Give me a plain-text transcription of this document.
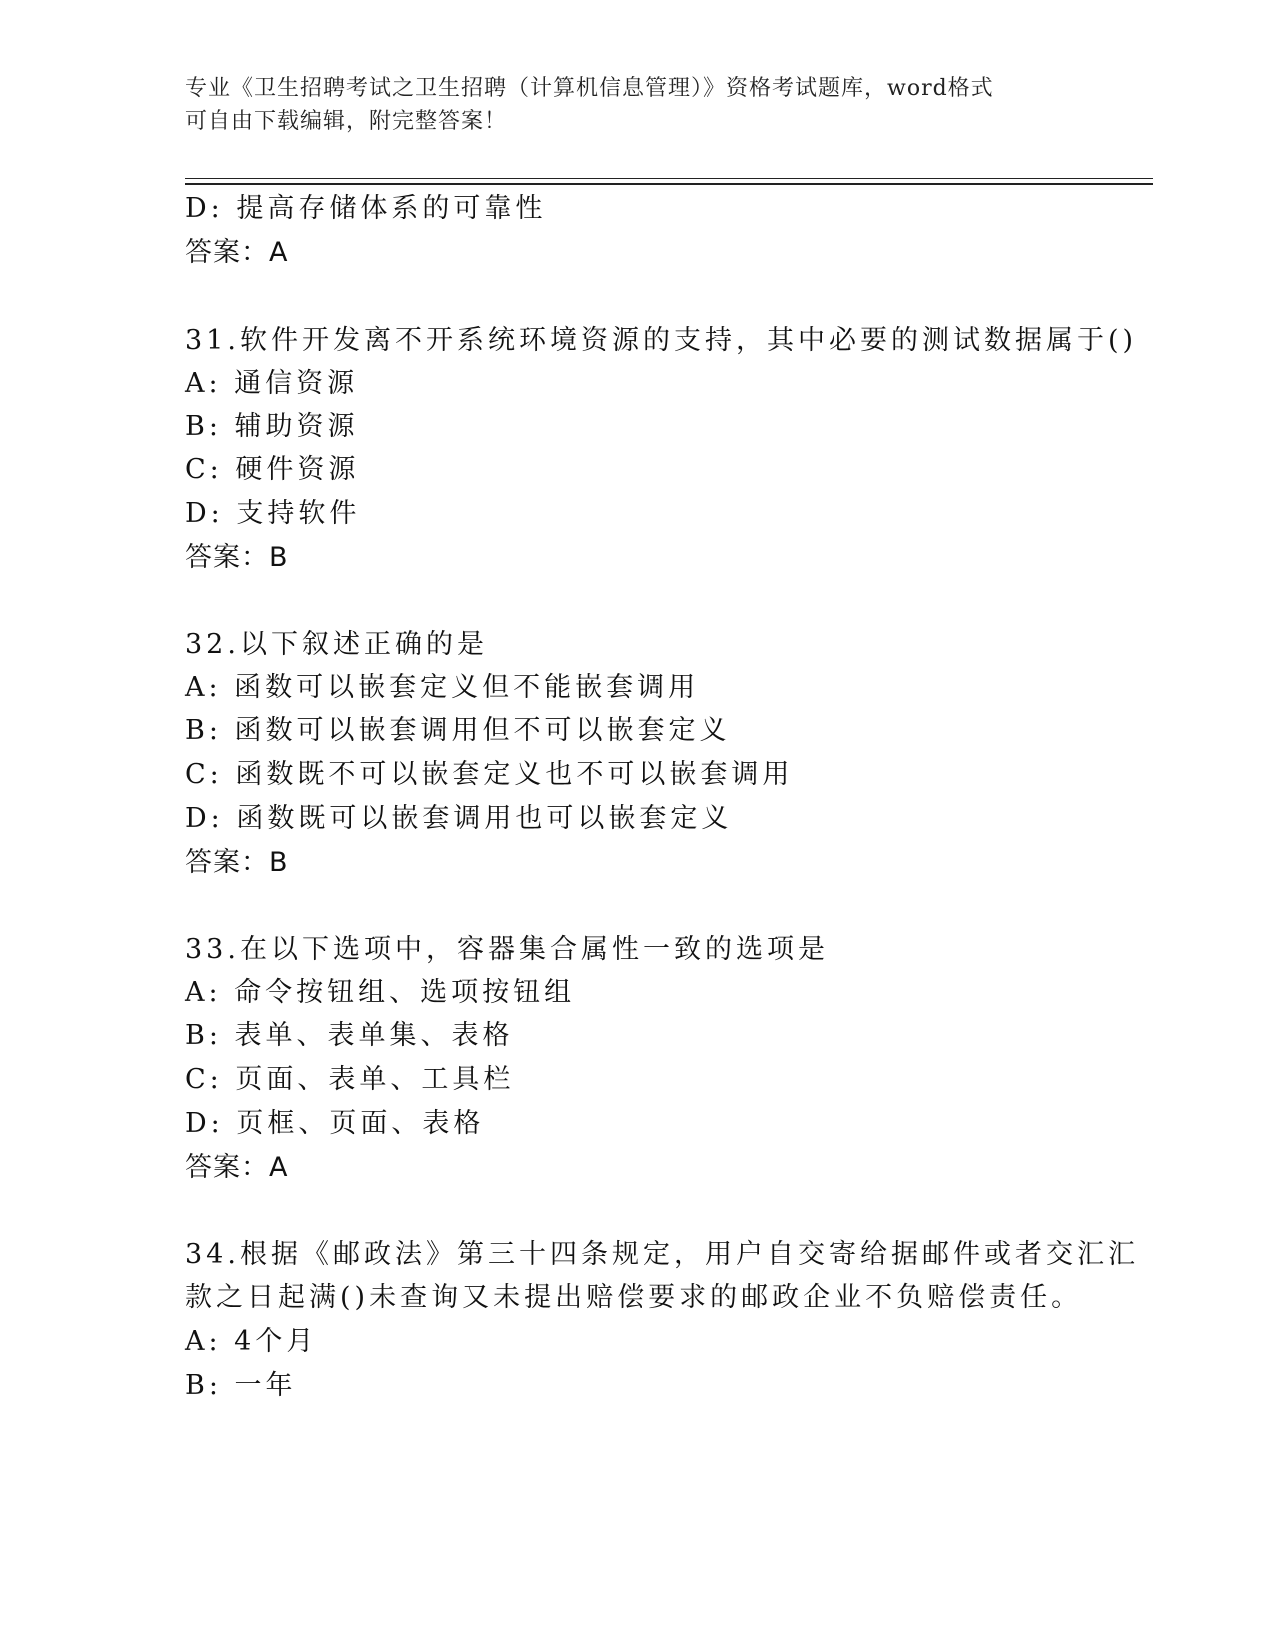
专业《卫生招聘考试之卫生招聘（计算机信息管理）》资格考试题库，word格式
可自由下载编辑，附完整答案！
D: 提高存储体系的可靠性
答案：A
31.软件开发离不开系统环境资源的支持，其中必要的测试数据属于()
A: 通信资源
B: 辅助资源
C: 硬件资源
D: 支持软件
答案：B
32.以下叙述正确的是
A: 函数可以嵌套定义但不能嵌套调用
B: 函数可以嵌套调用但不可以嵌套定义
C: 函数既不可以嵌套定义也不可以嵌套调用
D: 函数既可以嵌套调用也可以嵌套定义
答案：B
33.在以下选项中，容器集合属性一致的选项是
A: 命令按钮组、选项按钮组
B: 表单、表单集、表格
C: 页面、表单、工具栏
D: 页框、页面、表格
答案：A
34.根据《邮政法》第三十四条规定，用户自交寄给据邮件或者交汇汇
款之日起满()未查询又未提出赔偿要求的邮政企业不负赔偿责任。
A: 4个月
B: 一年
